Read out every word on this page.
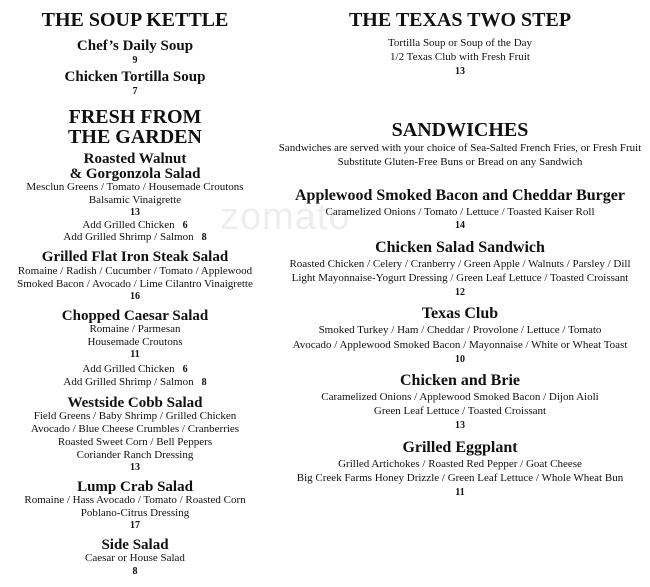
zomato
THE SOUP KETTLE
Chef’s Daily Soup
9
Chicken Tortilla Soup
7
FRESH FROM
THE GARDEN
Roasted Walnut
& Gorgonzola Salad
Mesclun Greens / Tomato / Housemade Croutons
Balsamic Vinaigrette
13
Add Grilled Chicken 6
Add Grilled Shrimp / Salmon 8
Grilled Flat Iron Steak Salad
Romaine / Radish / Cucumber / Tomato / Applewood
Smoked Bacon / Avocado / Lime Cilantro Vinaigrette
16
Chopped Caesar Salad
Romaine / Parmesan
Housemade Croutons
11
Add Grilled Chicken 6
Add Grilled Shrimp / Salmon 8
Westside Cobb Salad
Field Greens / Baby Shrimp / Grilled Chicken
Avocado / Blue Cheese Crumbles / Cranberries
Roasted Sweet Corn / Bell Peppers
Coriander Ranch Dressing
13
Lump Crab Salad
Romaine / Hass Avocado / Tomato / Roasted Corn
Poblano-Citrus Dressing
17
Side Salad
Caesar or House Salad
8
THE TEXAS TWO STEP
Tortilla Soup or Soup of the Day
1/2 Texas Club with Fresh Fruit
13
SANDWICHES
Sandwiches are served with your choice of Sea-Salted French Fries, or Fresh Fruit
Substitute Gluten-Free Buns or Bread on any Sandwich
Applewood Smoked Bacon and Cheddar Burger
Caramelized Onions / Tomato / Lettuce / Toasted Kaiser Roll
14
Chicken Salad Sandwich
Roasted Chicken / Celery / Cranberry / Green Apple / Walnuts / Parsley / Dill
Light Mayonnaise-Yogurt Dressing / Green Leaf Lettuce / Toasted Croissant
12
Texas Club
Smoked Turkey / Ham / Cheddar / Provolone / Lettuce / Tomato
Avocado / Applewood Smoked Bacon / Mayonnaise / White or Wheat Toast
10
Chicken and Brie
Caramelized Onions / Applewood Smoked Bacon / Dijon Aioli
Green Leaf Lettuce / Toasted Croissant
13
Grilled Eggplant
Grilled Artichokes / Roasted Red Pepper / Goat Cheese
Big Creek Farms Honey Drizzle / Green Leaf Lettuce / Whole Wheat Bun
11
